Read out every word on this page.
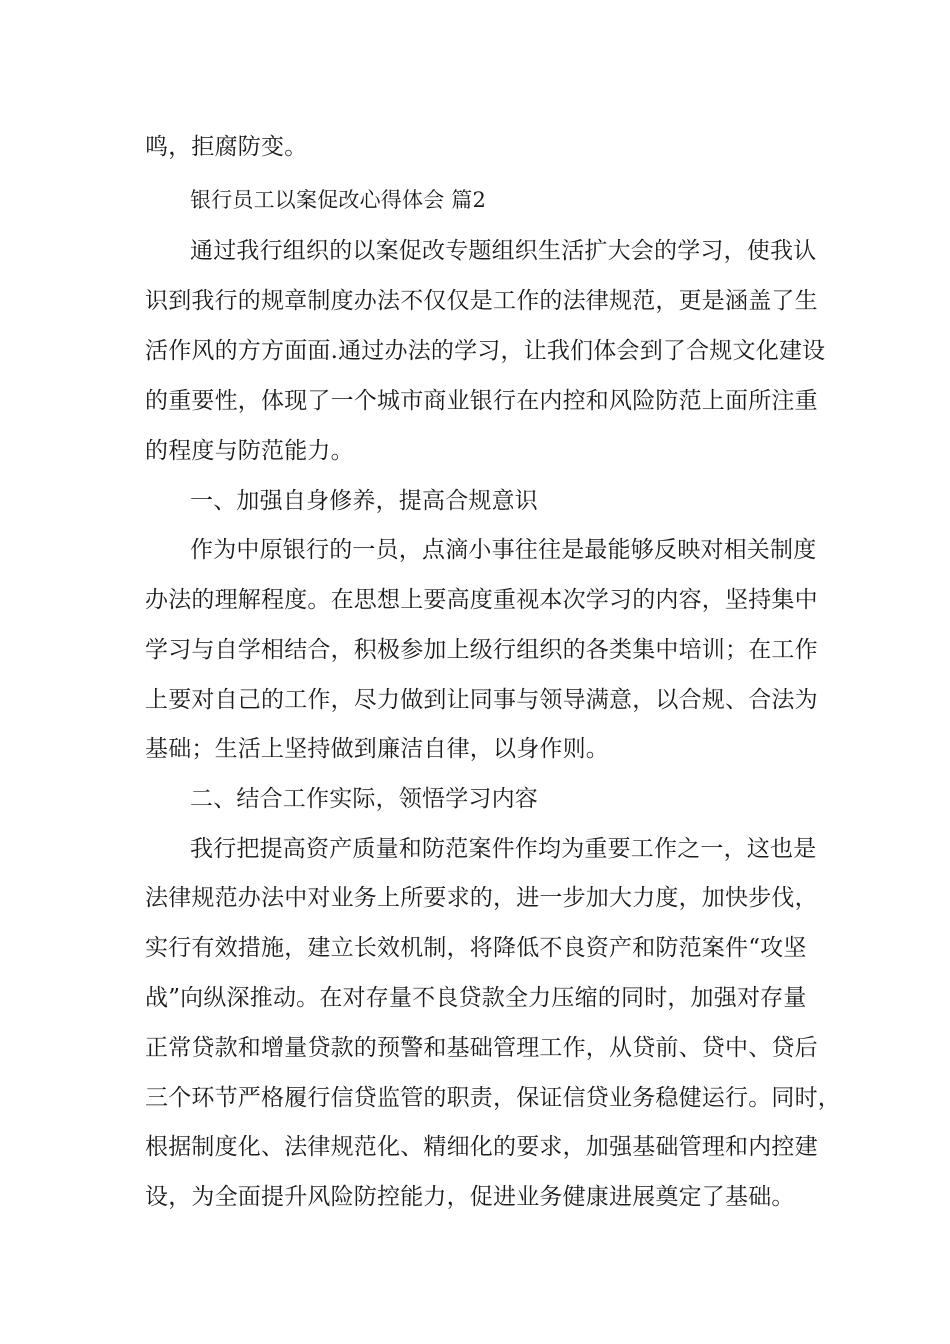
鸣，拒腐防变。
银行员工以案促改心得体会 篇2
通过我行组织的以案促改专题组织生活扩大会的学习，使我认
识到我行的规章制度办法不仅仅是工作的法律规范，更是涵盖了生
活作风的方方面面.通过办法的学习，让我们体会到了合规文化建设
的重要性，体现了一个城市商业银行在内控和风险防范上面所注重
的程度与防范能力。
一、加强自身修养，提高合规意识
作为中原银行的一员，点滴小事往往是最能够反映对相关制度
办法的理解程度。在思想上要高度重视本次学习的内容，坚持集中
学习与自学相结合，积极参加上级行组织的各类集中培训；在工作
上要对自己的工作，尽力做到让同事与领导满意，以合规、合法为
基础；生活上坚持做到廉洁自律，以身作则。
二、结合工作实际，领悟学习内容
我行把提高资产质量和防范案件作均为重要工作之一，这也是
法律规范办法中对业务上所要求的，进一步加大力度，加快步伐，
实行有效措施，建立长效机制，将降低不良资产和防范案件“攻坚
战”向纵深推动。在对存量不良贷款全力压缩的同时，加强对存量
正常贷款和增量贷款的预警和基础管理工作，从贷前、贷中、贷后
三个环节严格履行信贷监管的职责，保证信贷业务稳健运行。同时，
根据制度化、法律规范化、精细化的要求，加强基础管理和内控建
设，为全面提升风险防控能力，促进业务健康进展奠定了基础。
